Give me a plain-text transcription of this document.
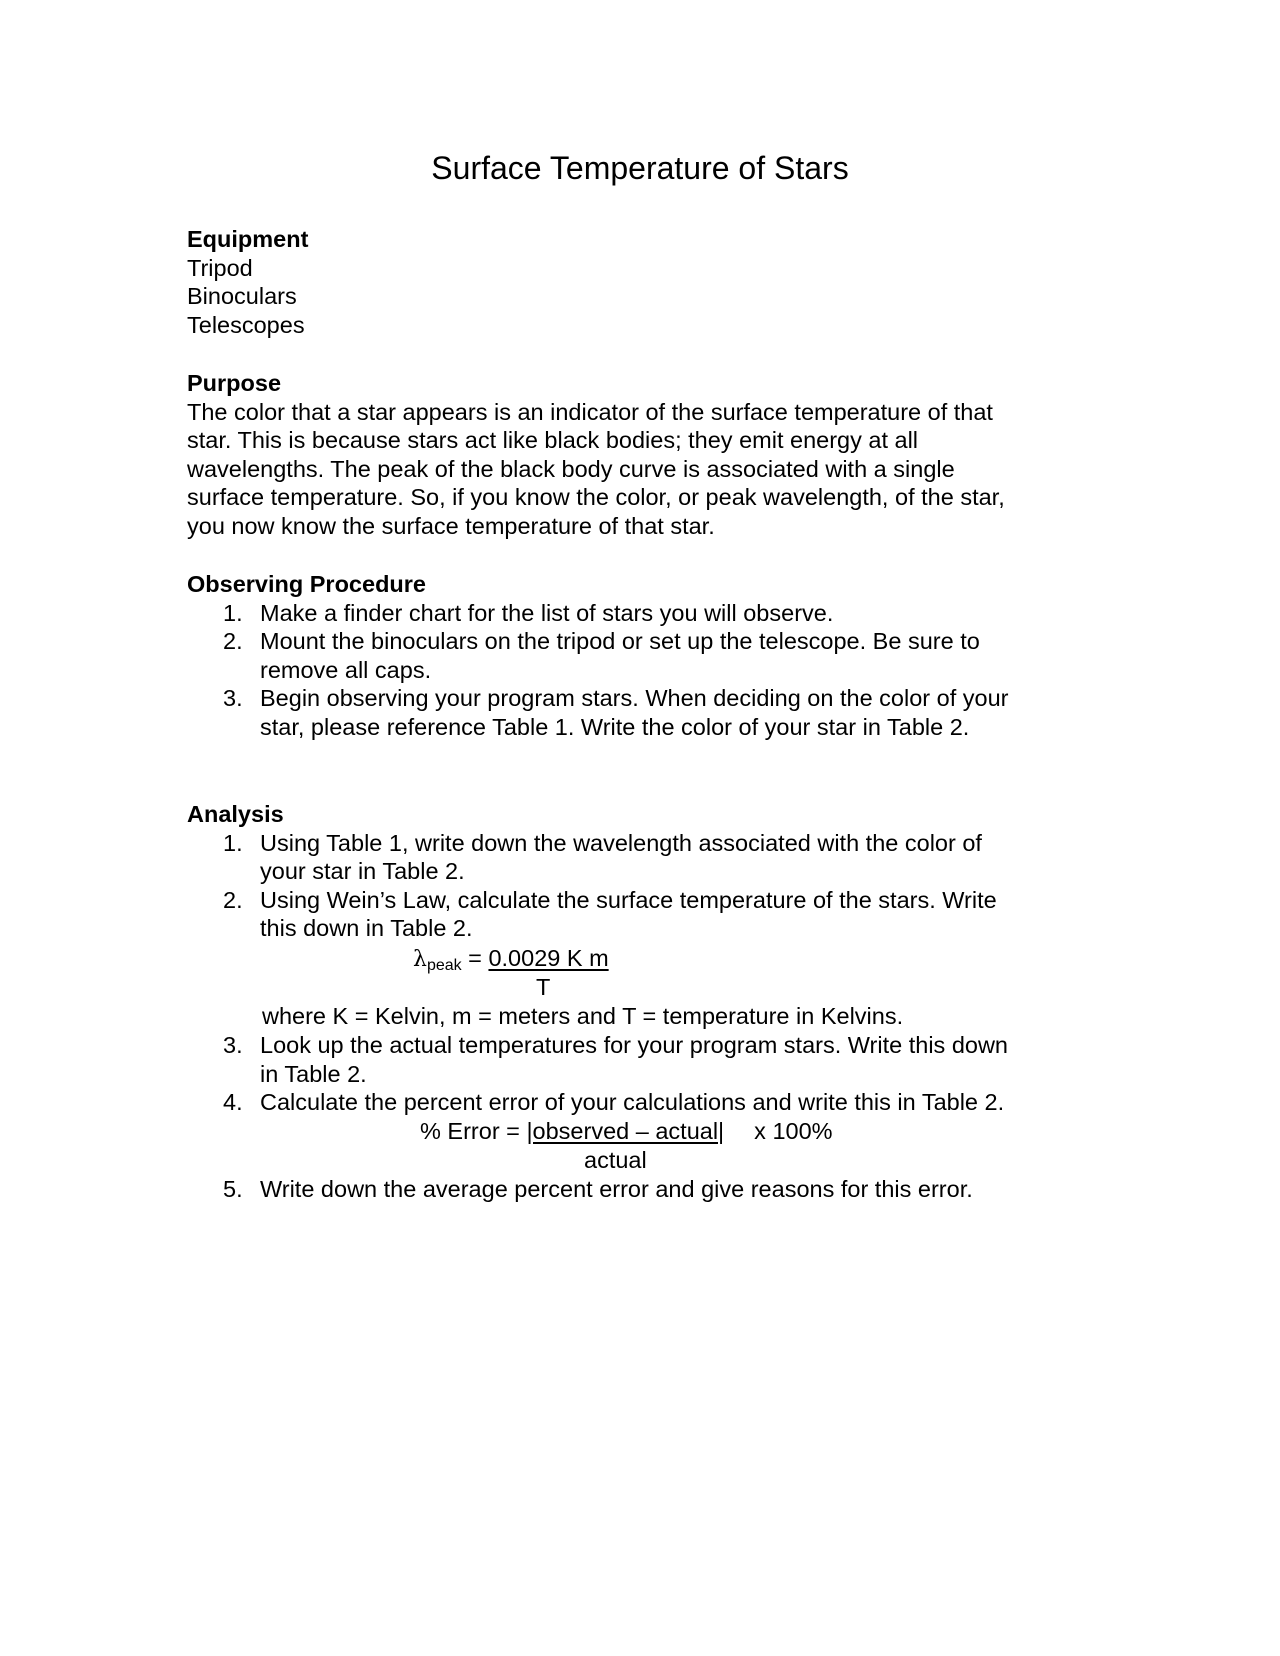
Surface Temperature of Stars
Equipment
Tripod
Binoculars
Telescopes
Purpose
The color that a star appears is an indicator of the surface temperature of that
star. This is because stars act like black bodies; they emit energy at all
wavelengths. The peak of the black body curve is associated with a single
surface temperature. So, if you know the color, or peak wavelength, of the star,
you now know the surface temperature of that star.
Observing Procedure
1. Make a finder chart for the list of stars you will observe.
2. Mount the binoculars on the tripod or set up the telescope. Be sure to
remove all caps.
3. Begin observing your program stars. When deciding on the color of your
star, please reference Table 1. Write the color of your star in Table 2.
Analysis
1. Using Table 1, write down the wavelength associated with the color of
your star in Table 2.
2. Using Wein’s Law, calculate the surface temperature of the stars. Write
this down in Table 2.
λpeak = 0.0029 K m
T
where K = Kelvin, m = meters and T = temperature in Kelvins.
3. Look up the actual temperatures for your program stars. Write this down
in Table 2.
4. Calculate the percent error of your calculations and write this in Table 2.
% Error = |observed – actual| x 100%
actual
5. Write down the average percent error and give reasons for this error.
